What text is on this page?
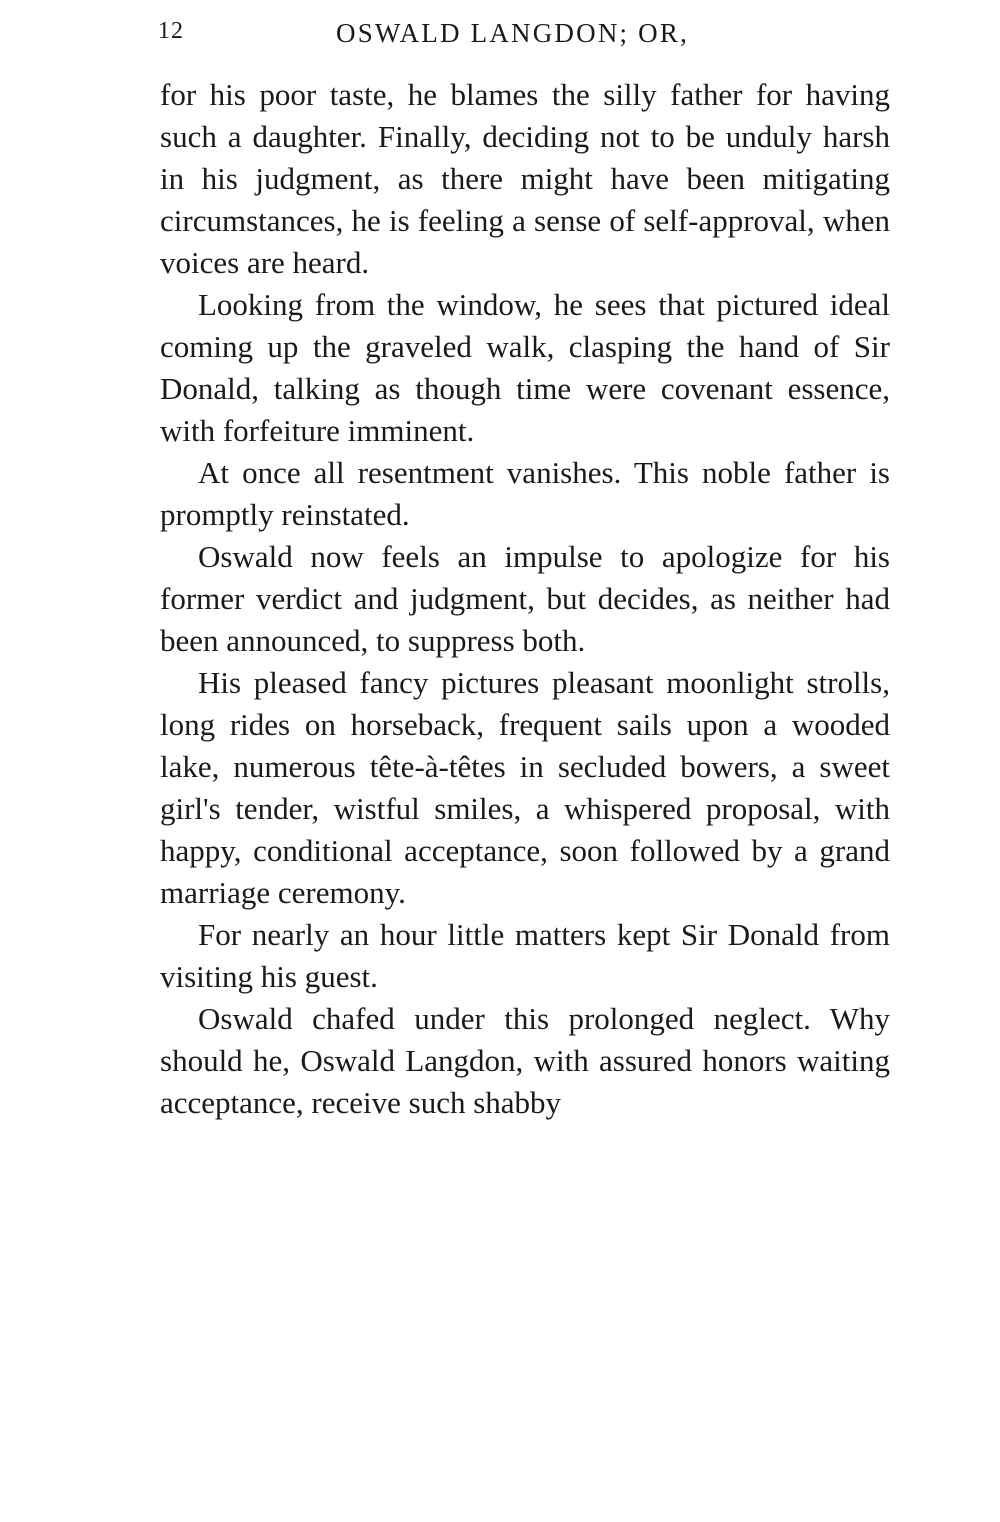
12	OSWALD LANGDON; OR,

for his poor taste, he blames the silly father for having such a daughter. Finally, deciding not to be unduly harsh in his judgment, as there might have been mitigating circumstances, he is feeling a sense of self-approval, when voices are heard.

Looking from the window, he sees that pictured ideal coming up the graveled walk, clasping the hand of Sir Donald, talking as though time were covenant essence, with forfeiture imminent.

At once all resentment vanishes. This noble father is promptly reinstated.

Oswald now feels an impulse to apologize for his former verdict and judgment, but decides, as neither had been announced, to suppress both.

His pleased fancy pictures pleasant moonlight strolls, long rides on horseback, frequent sails upon a wooded lake, numerous tête-à-têtes in secluded bowers, a sweet girl's tender, wistful smiles, a whispered proposal, with happy, conditional acceptance, soon followed by a grand marriage ceremony.

For nearly an hour little matters kept Sir Donald from visiting his guest.

Oswald chafed under this prolonged neglect. Why should he, Oswald Langdon, with assured honors waiting acceptance, receive such shabby
